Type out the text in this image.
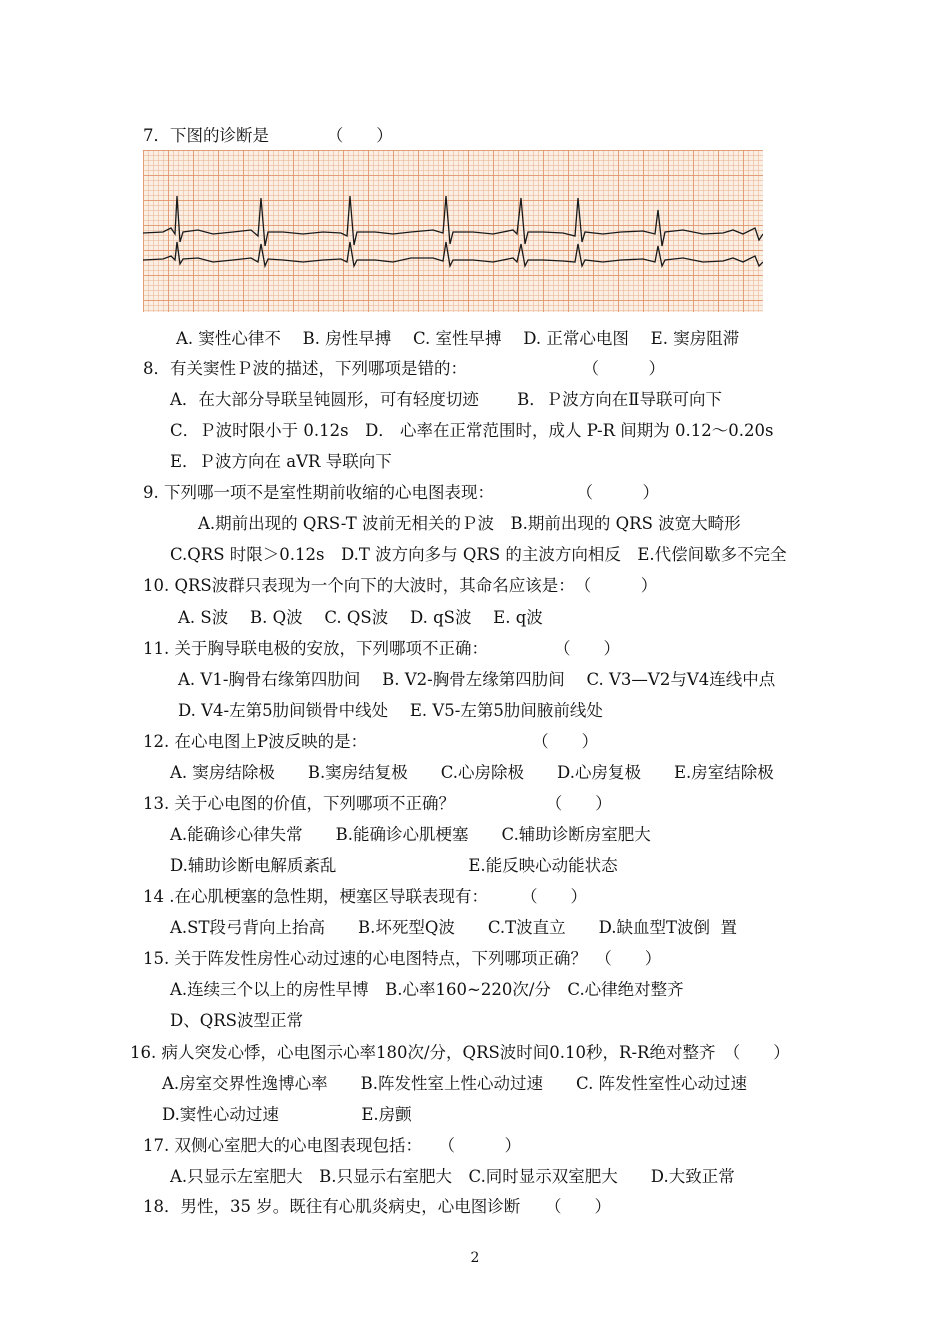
7．下图的诊断是　　　　（　　）
A. 窦性心律不　 B. 房性早搏　 C. 室性早搏　 D. 正常心电图　 E. 窦房阻滞
8．有关窦性Ｐ波的描述，下列哪项是错的：　　　　　　　　（　　　）
A．在大部分导联呈钝圆形，可有轻度切迹　　 B．Ｐ波方向在Ⅱ导联可向下
C．Ｐ波时限小于 0.12s　D． 心率在正常范围时，成人 P-R 间期为 0.12～0.20s
E．Ｐ波方向在 aVR 导联向下
9. 下列哪一项不是室性期前收缩的心电图表现：　　　　　　（　　　）
A.期前出现的 QRS-T 波前无相关的Ｐ波　B.期前出现的 QRS 波宽大畸形
C.QRS 时限＞0.12s　D.T 波方向多与 QRS 的主波方向相反　E.代偿间歇多不完全
10. QRS波群只表现为一个向下的大波时，其命名应该是：　（　　　）
A. S波　 B. Q波　 C. QS波　 D. qS波　 E. q波
11. 关于胸导联电极的安放，下列哪项不正确：　　　　　（　　）
A. V1-胸骨右缘第四肋间　 B. V2-胸骨左缘第四肋间　 C. V3—V2与V4连线中点
D. V4-左第5肋间锁骨中线处　 E. V5-左第5肋间腋前线处
12. 在心电图上P波反映的是：　　　　　　　　　　　（　　）
A. 窦房结除极　　B.窦房结复极　　C.心房除极　　D.心房复极　　E.房室结除极
13. 关于心电图的价值，下列哪项不正确？　　　　　　（　　）
A.能确诊心律失常　　B.能确诊心肌梗塞　　C.辅助诊断房室肥大
D.辅助诊断电解质紊乱　　　　　　　　E.能反映心动能状态
14 .在心肌梗塞的急性期，梗塞区导联表现有：　　　（　　）
A.ST段弓背向上抬高　　B.坏死型Q波　　C.T波直立　　D.缺血型T波倒  置
15. 关于阵发性房性心动过速的心电图特点，下列哪项正确？　（　　）
A.连续三个以上的房性早博　B.心率160~220次/分　C.心律绝对整齐
D、QRS波型正常
16. 病人突发心悸，心电图示心率180次/分，QRS波时间0.10秒，R-R绝对整齐　（　　）
A.房室交界性逸博心率　　B.阵发性室上性心动过速　　C. 阵发性室性心动过速
D.窦性心动过速　　　　　E.房颤
17. 双侧心室肥大的心电图表现包括：　　（　　　）
A.只显示左室肥大　B.只显示右室肥大　C.同时显示双室肥大　　D.大致正常
18．男性，35 岁。既往有心肌炎病史，心电图诊断　　（　　）
2
